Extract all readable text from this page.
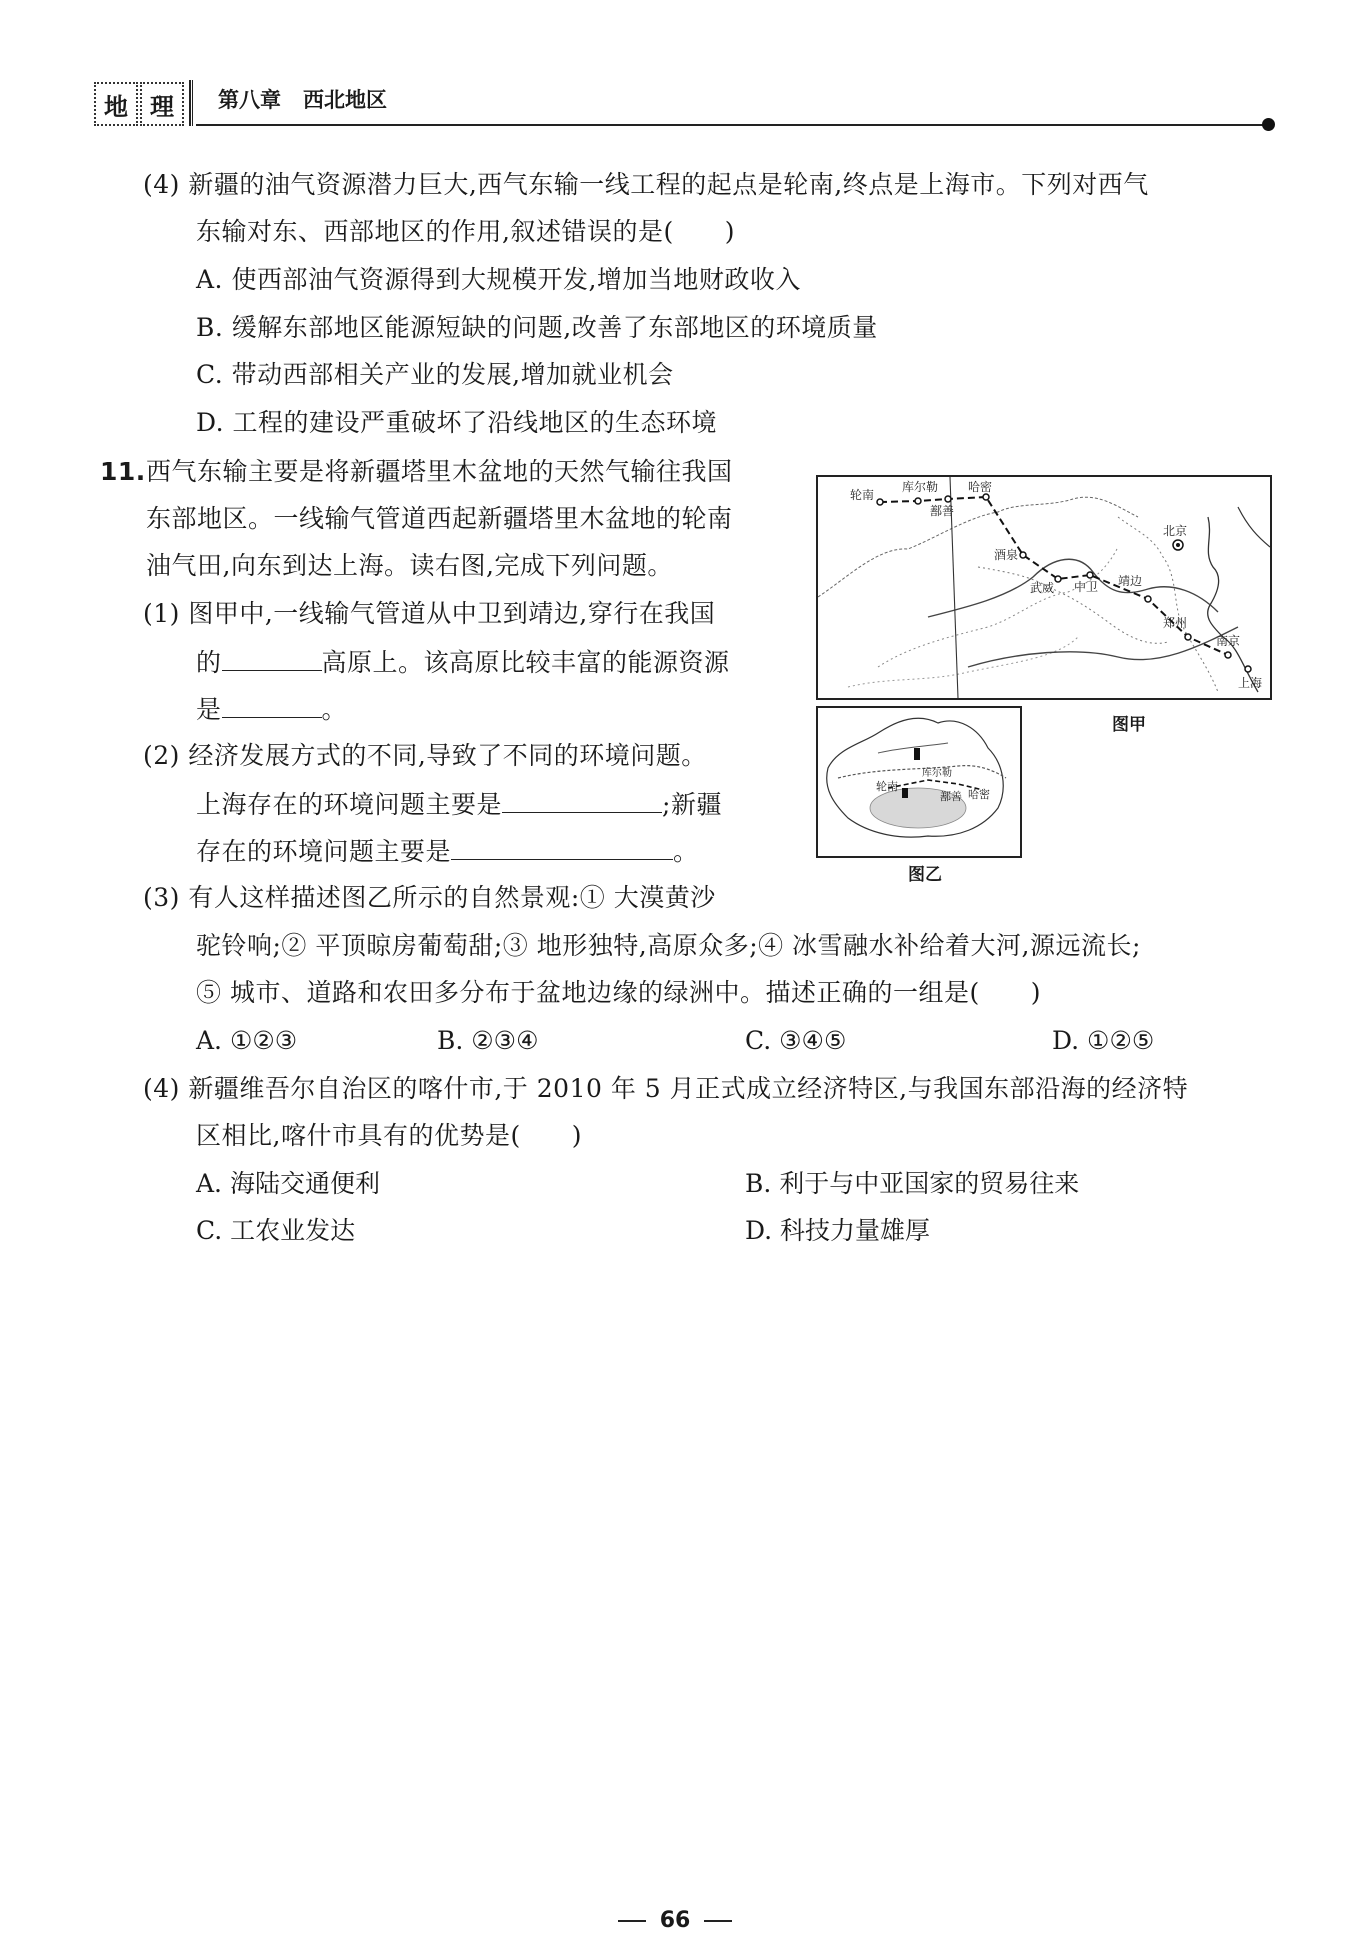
地 理	第八章 西北地区
(4) 新疆的油气资源潜力巨大,西气东输一线工程的起点是轮南,终点是上海市。下列对西气
东输对东、西部地区的作用,叙述错误的是(　　)
A. 使西部油气资源得到大规模开发,增加当地财政收入
B. 缓解东部地区能源短缺的问题,改善了东部地区的环境质量
C. 带动西部相关产业的发展,增加就业机会
D. 工程的建设严重破坏了沿线地区的生态环境
11. 西气东输主要是将新疆塔里木盆地的天然气输往我国
东部地区。一线输气管道西起新疆塔里木盆地的轮南
油气田,向东到达上海。读右图,完成下列问题。
(1) 图甲中,一线输气管道从中卫到靖边,穿行在我国
的	高原上。该高原比较丰富的能源资源
是	。
(2) 经济发展方式的不同,导致了不同的环境问题。
上海存在的环境问题主要是	;新疆
存在的环境问题主要是	。
(3) 有人这样描述图乙所示的自然景观:① 大漠黄沙
驼铃响;② 平顶晾房葡萄甜;③ 地形独特,高原众多;④ 冰雪融水补给着大河,源远流长;
⑤ 城市、道路和农田多分布于盆地边缘的绿洲中。描述正确的一组是(　　)
A. ①②③	B. ②③④	C. ③④⑤	D. ①②⑤
(4) 新疆维吾尔自治区的喀什市,于 2010 年 5 月正式成立经济特区,与我国东部沿海的经济特
区相比,喀什市具有的优势是(　　)
A. 海陆交通便利	B. 利于与中亚国家的贸易往来
C. 工农业发达	D. 科技力量雄厚
轮南
库尔勒
鄯善
哈密
酒泉
北京
武威 中卫 靖边
郑州
南京
上海
图甲
轮南
鄯善 哈密
库尔勒
图乙
66
